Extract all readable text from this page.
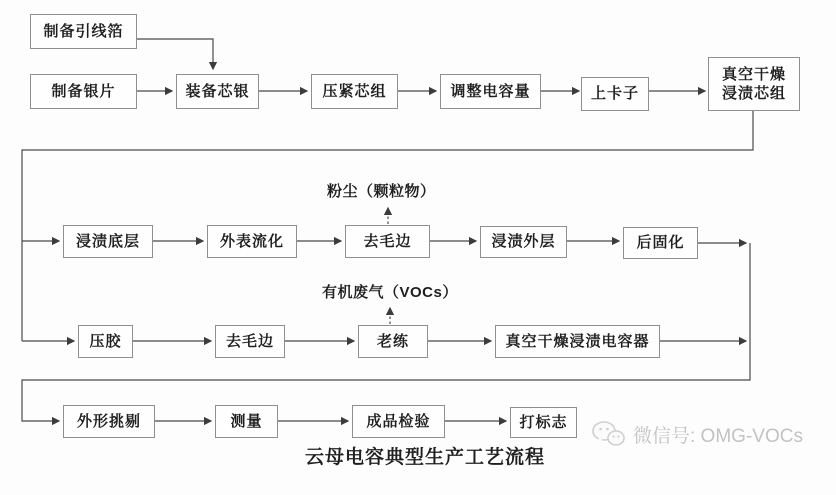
制备引线箔
制备银片	装备芯银	压紧芯组	调整电容量	上卡子
真空干燥浸渍芯组
浸渍底层	外表流化	去毛边	浸渍外层	后固化
压胶	去毛边	老练	真空干燥浸渍电容器
外形挑剔	测量	成品检验	打标志
粉尘（颗粒物）
有机废气（VOCs）
云母电容典型生产工艺流程
微信号: OMG-VOCs
